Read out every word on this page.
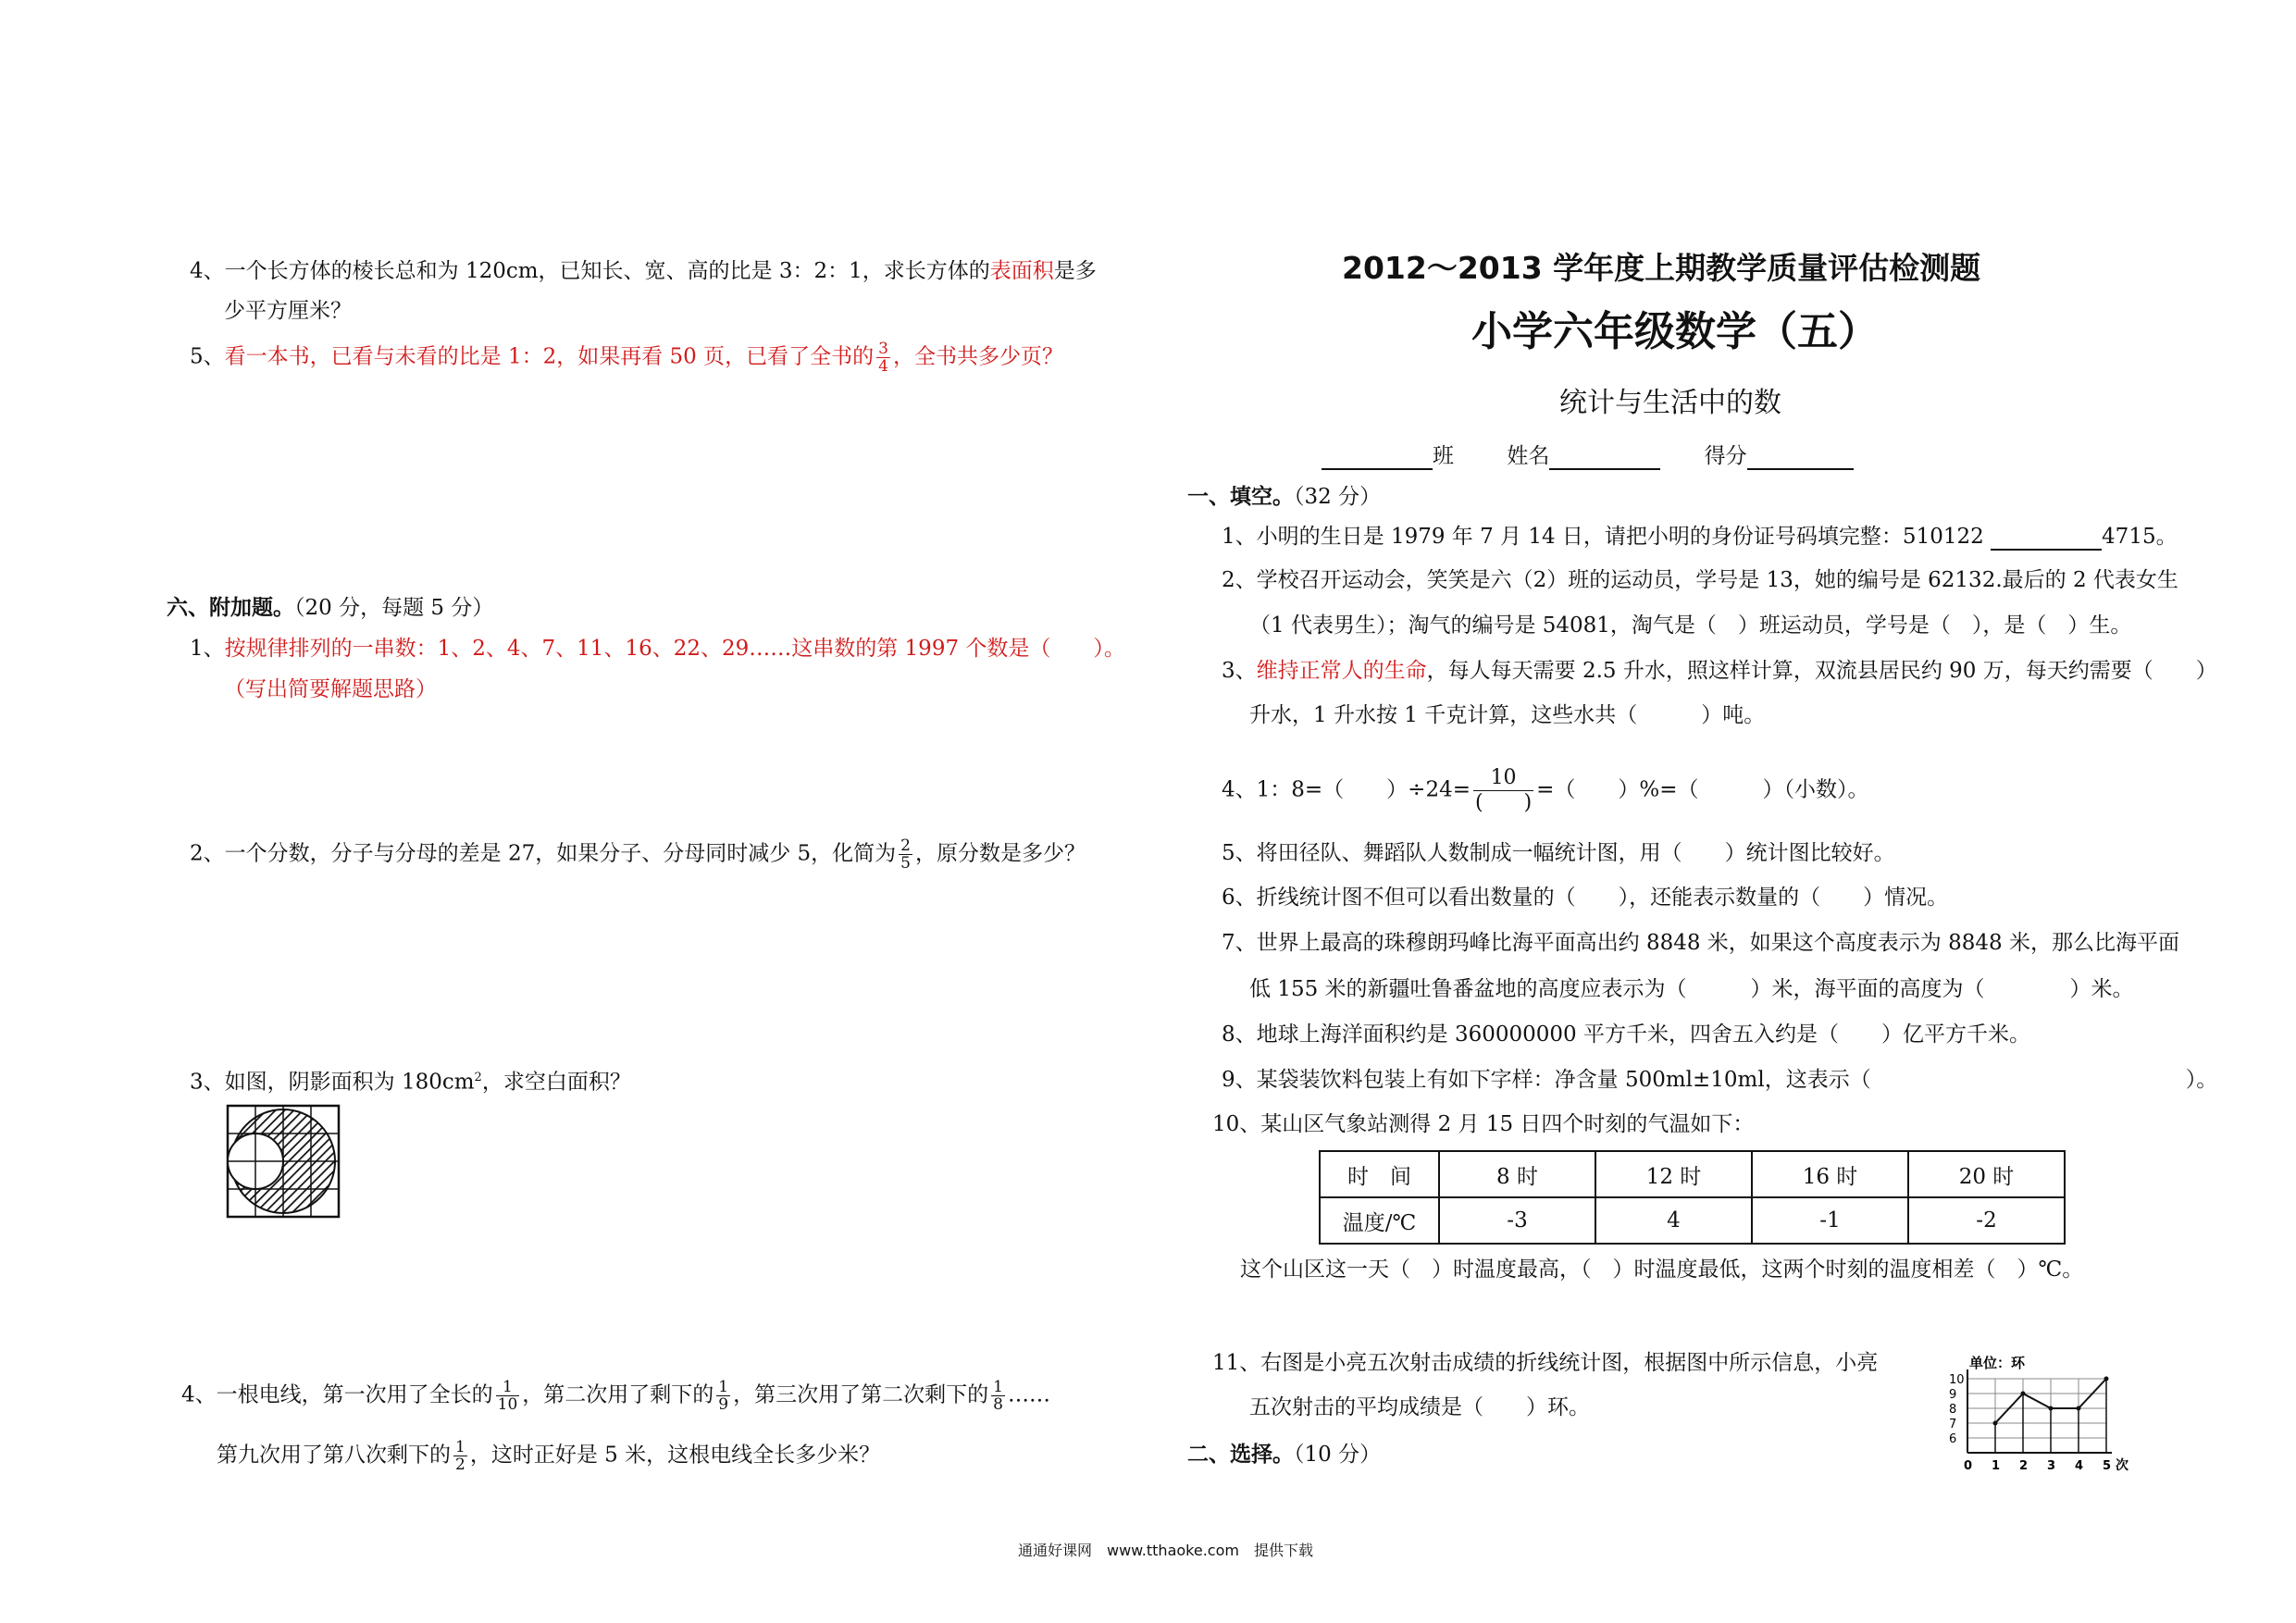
4、一个长方体的棱长总和为 120cm，已知长、宽、高的比是 3：2：1，求长方体的表面积是多
少平方厘米？
5、看一本书，已看与未看的比是 1：2，如果再看 50 页，已看了全书的 $\frac{3}{4}$ ，全书共多少页？
六、附加题。（20 分，每题 5 分）
1、按规律排列的一串数：1、2、4、7、11、16、22、29……这串数的第 1997 个数是（　　）。
（写出简要解题思路）
2、一个分数，分子与分母的差是 27，如果分子、分母同时减少 5，化简为 $\frac{2}{5}$ ，原分数是多少？
3、如图，阴影面积为 $180cm^2$，求空白面积？
4、一根电线，第一次用了全长的 $\frac{1}{10}$ ，第二次用了剩下的 $\frac{1}{9}$ ，第三次用了第二次剩下的 $\frac{1}{8}$ ……
第九次用了第八次剩下的 $\frac{1}{2}$ ，这时正好是 5 米，这根电线全长多少米？
2012～2013 学年度上期教学质量评估检测题
小学六年级数学（五）
统计与生活中的数
班 姓名	得分
一、填空。（32 分）
1、小明的生日是 1979 年 7 月 14 日，请把小明的身份证号码填完整：510122	4715。
2、学校召开运动会，笑笑是六（2）班的运动员，学号是 13，她的编号是 62132.最后的 2 代表女生
（1 代表男生）；淘气的编号是 54081，淘气是（　）班运动员，学号是（　），是（　）生。
3、维持正常人的生命，每人每天需要 2.5 升水，照这样计算，双流县居民约 90 万，每天约需要（　　）
升水，1 升水按 1 千克计算，这些水共（　　　）吨。
4、1：8=（　　）$\div 24= \frac{10}{( )}$ =（　　）%=（　　　）（小数）。
5、将田径队、舞蹈队人数制成一幅统计图，用（　　）统计图比较好。
6、折线统计图不但可以看出数量的（　　），还能表示数量的（　　）情况。
7、世界上最高的珠穆朗玛峰比海平面高出约 8848 米，如果这个高度表示为 8848 米，那么比海平面
低 155 米的新疆吐鲁番盆地的高度应表示为（　　　）米，海平面的高度为（　　　　）米。
8、地球上海洋面积约是 360000000 平方千米，四舍五入约是（　　）亿平方千米。
9、某袋装饮料包装上有如下字样：净含量 500ml±10ml，这表示（	）。
10、某山区气象站测得 2 月 15 日四个时刻的气温如下：
时　间	8 时	12 时	16 时	20 时
温度/℃	-3	4	-1	-2
这个山区这一天（　）时温度最高，（　）时温度最低，这两个时刻的温度相差（　）℃。
11、右图是小亮五次射击成绩的折线统计图，根据图中所示信息，小亮
五次射击的平均成绩是（　　）环。
二、选择。（10 分）
单位：环
0 1 2 3 4 5
6
7
8
9
10
次
通通好课网　www.tthaoke.com　提供下载
